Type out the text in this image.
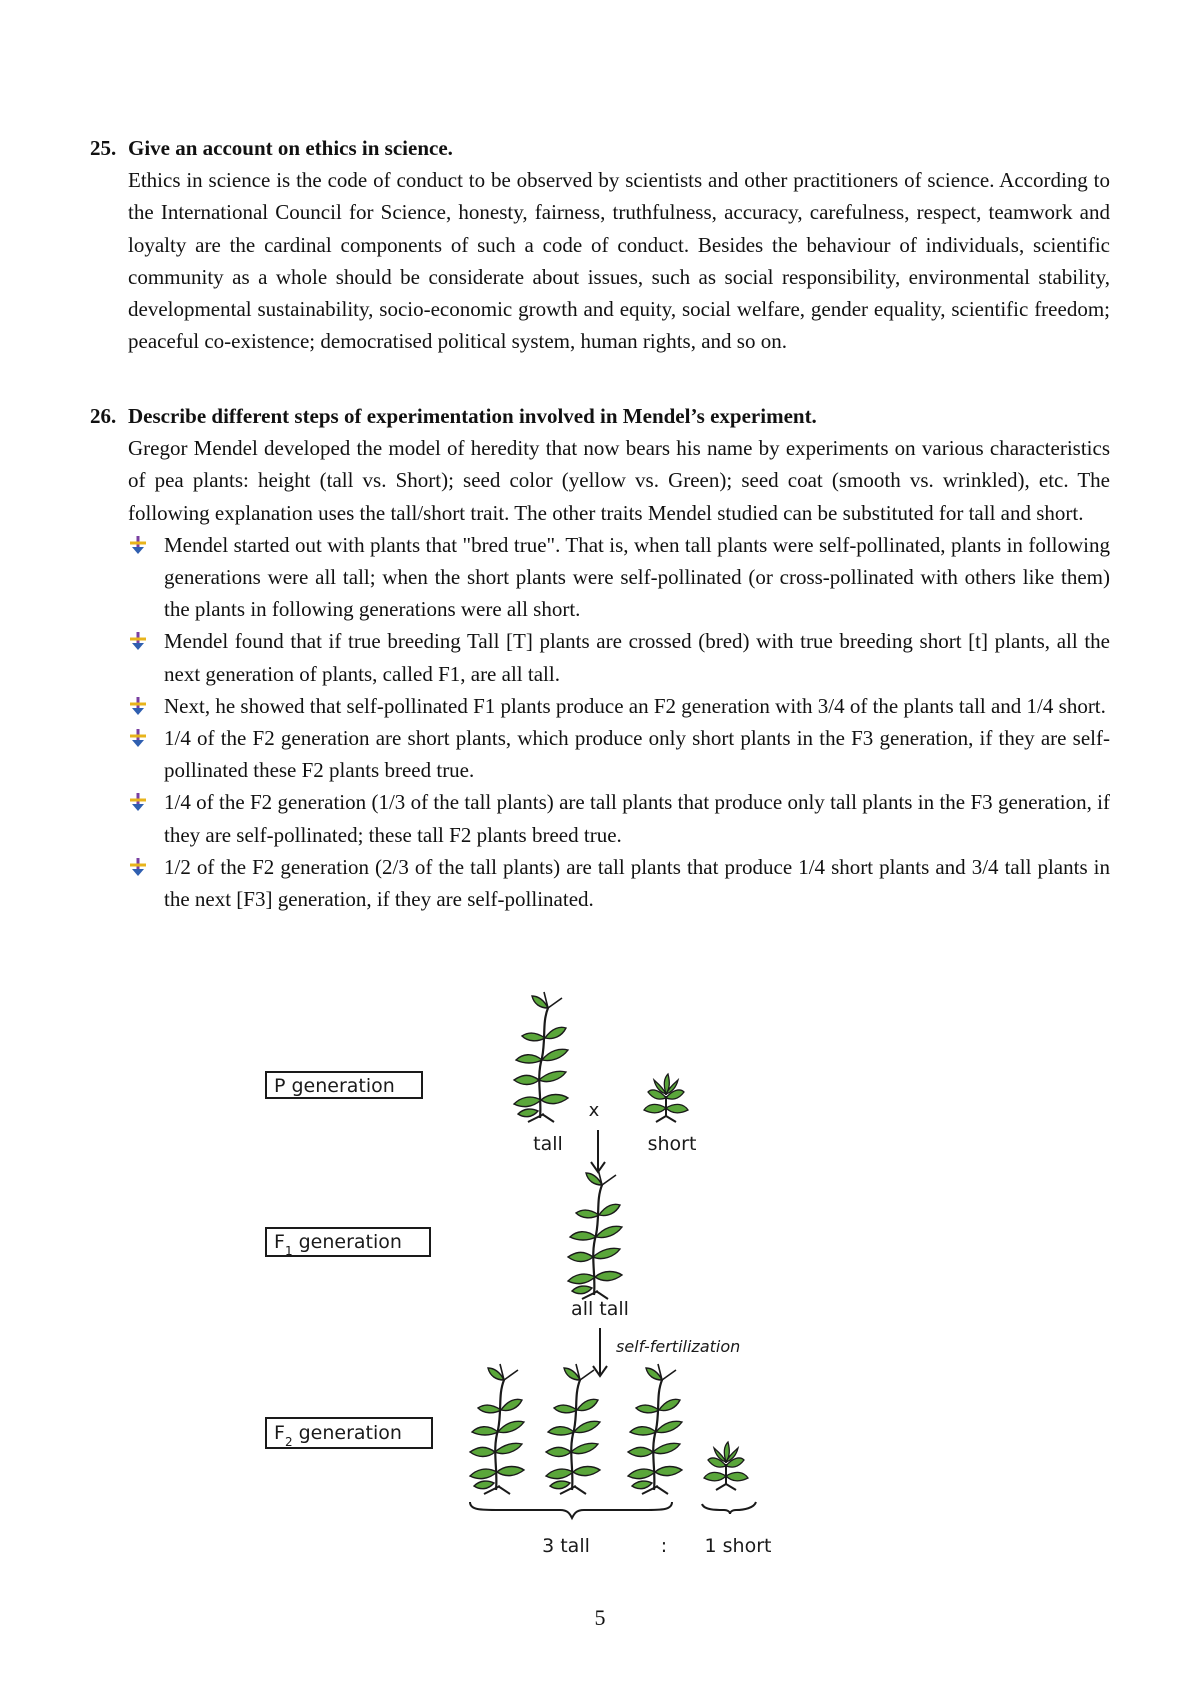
25. Give an account on ethics in science.

Ethics in science is the code of conduct to be observed by scientists and other practitioners of science. According to the International Council for Science, honesty, fairness, truthfulness, accuracy, carefulness, respect, teamwork and loyalty are the cardinal components of such a code of conduct. Besides the behaviour of individuals, scientific community as a whole should be considerate about issues, such as social responsibility, environmental stability, developmental sustainability, socio-economic growth and equity, social welfare, gender equality, scientific freedom; peaceful co-existence; democratised political system, human rights, and so on.

26. Describe different steps of experimentation involved in Mendel’s experiment.

Gregor Mendel developed the model of heredity that now bears his name by experiments on various characteristics of pea plants: height (tall vs. Short); seed color (yellow vs. Green); seed coat (smooth vs. wrinkled), etc. The following explanation uses the tall/short trait. The other traits Mendel studied can be substituted for tall and short.

Mendel started out with plants that "bred true". That is, when tall plants were self-pollinated, plants in following generations were all tall; when the short plants were self-pollinated (or cross-pollinated with others like them) the plants in following generations were all short.
Mendel found that if true breeding Tall [T] plants are crossed (bred) with true breeding short [t] plants, all the next generation of plants, called F1, are all tall.
Next, he showed that self-pollinated F1 plants produce an F2 generation with 3/4 of the plants tall and 1/4 short.
1/4 of the F2 generation are short plants, which produce only short plants in the F3 generation, if they are self- pollinated these F2 plants breed true.
1/4 of the F2 generation (1/3 of the tall plants) are tall plants that produce only tall plants in the F3 generation, if they are self-pollinated; these tall F2 plants breed true.
1/2 of the F2 generation (2/3 of the tall plants) are tall plants that produce 1/4 short plants and 3/4 tall plants in the next [F3] generation, if they are self-pollinated.
P generation
$F_1$ generation
$F_2$ generation
x
tall	short
all tall
self-fertilization
3 tall	: 1 short
5
